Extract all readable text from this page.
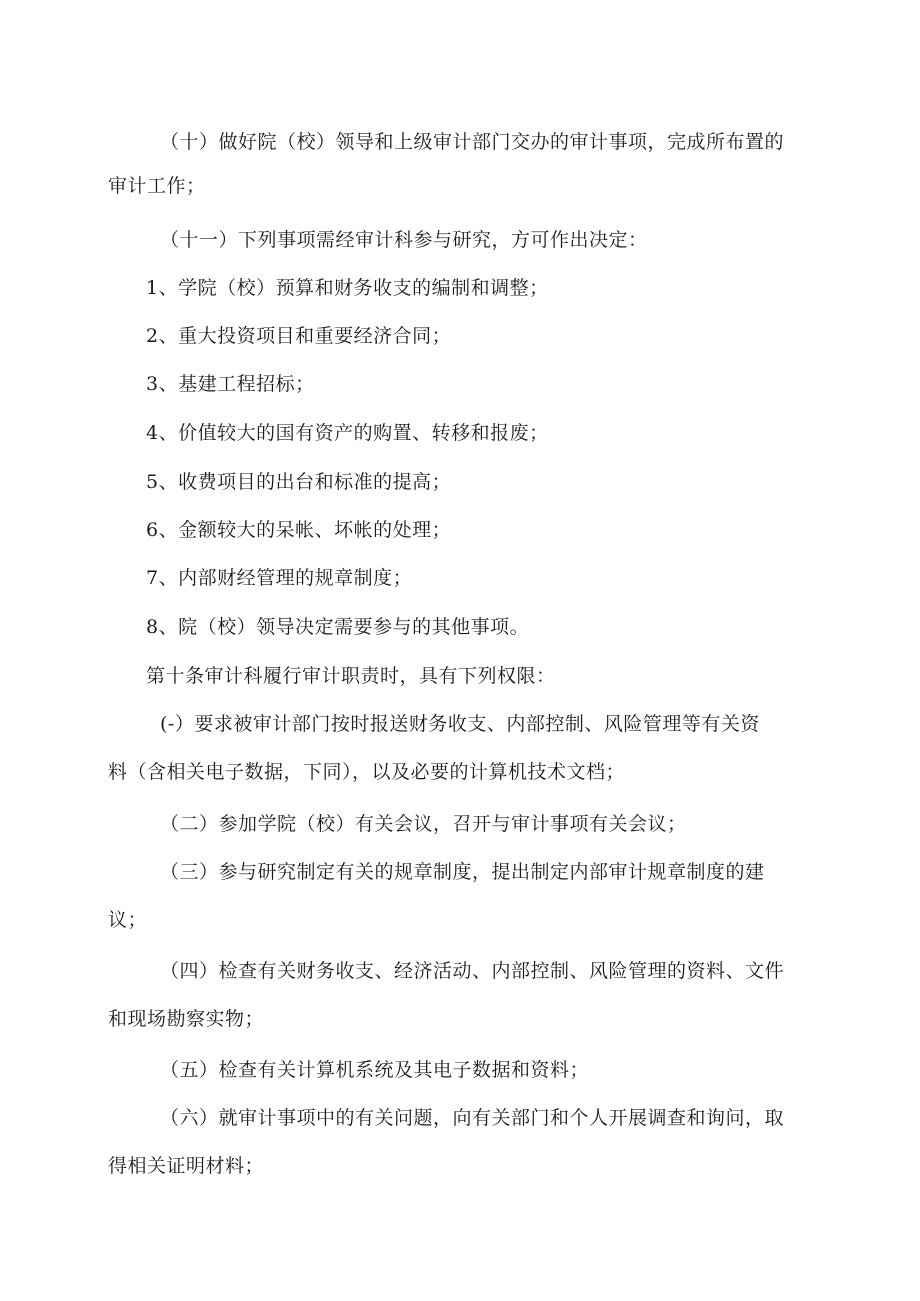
（十）做好院（校）领导和上级审计部门交办的审计事项，完成所布置的

审计工作；

（十一）下列事项需经审计科参与研究，方可作出决定：

1、学院（校）预算和财务收支的编制和调整；

2、重大投资项目和重要经济合同；

3、基建工程招标；

4、价值较大的国有资产的购置、转移和报废；

5、收费项目的出台和标准的提高；

6、金额较大的呆帐、坏帐的处理；

7、内部财经管理的规章制度；

8、院（校）领导决定需要参与的其他事项。

第十条审计科履行审计职责时，具有下列权限：

(-）要求被审计部门按时报送财务收支、内部控制、风险管理等有关资

料（含相关电子数据，下同），以及必要的计算机技术文档；

（二）参加学院（校）有关会议，召开与审计事项有关会议；

（三）参与研究制定有关的规章制度，提出制定内部审计规章制度的建

议；

（四）检查有关财务收支、经济活动、内部控制、风险管理的资料、文件

和现场勘察实物；

（五）检查有关计算机系统及其电子数据和资料；

（六）就审计事项中的有关问题，向有关部门和个人开展调查和询问，取

得相关证明材料；
